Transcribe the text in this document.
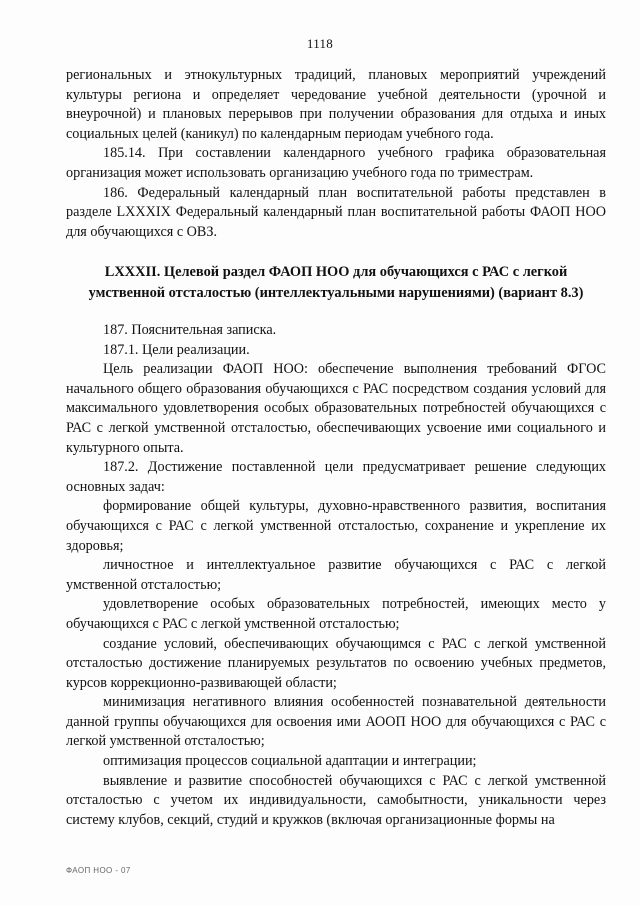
1118

региональных и этнокультурных традиций, плановых мероприятий учреждений культуры региона и определяет чередование учебной деятельности (урочной и внеурочной) и плановых перерывов при получении образования для отдыха и иных социальных целей (каникул) по календарным периодам учебного года.

185.14. При составлении календарного учебного графика образовательная организация может использовать организацию учебного года по триместрам.

186. Федеральный календарный план воспитательной работы представлен в разделе LXXXIX Федеральный календарный план воспитательной работы ФАОП НОО для обучающихся с ОВЗ.

LXXXII. Целевой раздел ФАОП НОО для обучающихся с РАС с легкой умственной отсталостью (интеллектуальными нарушениями) (вариант 8.3)

187. Пояснительная записка.

187.1. Цели реализации.

Цель реализации ФАОП НОО: обеспечение выполнения требований ФГОС начального общего образования обучающихся с РАС посредством создания условий для максимального удовлетворения особых образовательных потребностей обучающихся с РАС с легкой умственной отсталостью, обеспечивающих усвоение ими социального и культурного опыта.

187.2. Достижение поставленной цели предусматривает решение следующих основных задач:

формирование общей культуры, духовно-нравственного развития, воспитания обучающихся с РАС с легкой умственной отсталостью, сохранение и укрепление их здоровья;

личностное и интеллектуальное развитие обучающихся с РАС с легкой умственной отсталостью;

удовлетворение особых образовательных потребностей, имеющих место у обучающихся с РАС с легкой умственной отсталостью;

создание условий, обеспечивающих обучающимся с РАС с легкой умственной отсталостью достижение планируемых результатов по освоению учебных предметов, курсов коррекционно-развивающей области;

минимизация негативного влияния особенностей познавательной деятельности данной группы обучающихся для освоения ими АООП НОО для обучающихся с РАС с легкой умственной отсталостью;

оптимизация процессов социальной адаптации и интеграции;

выявление и развитие способностей обучающихся с РАС с легкой умственной отсталостью с учетом их индивидуальности, самобытности, уникальности через систему клубов, секций, студий и кружков (включая организационные формы на

ФАОП НОО - 07
